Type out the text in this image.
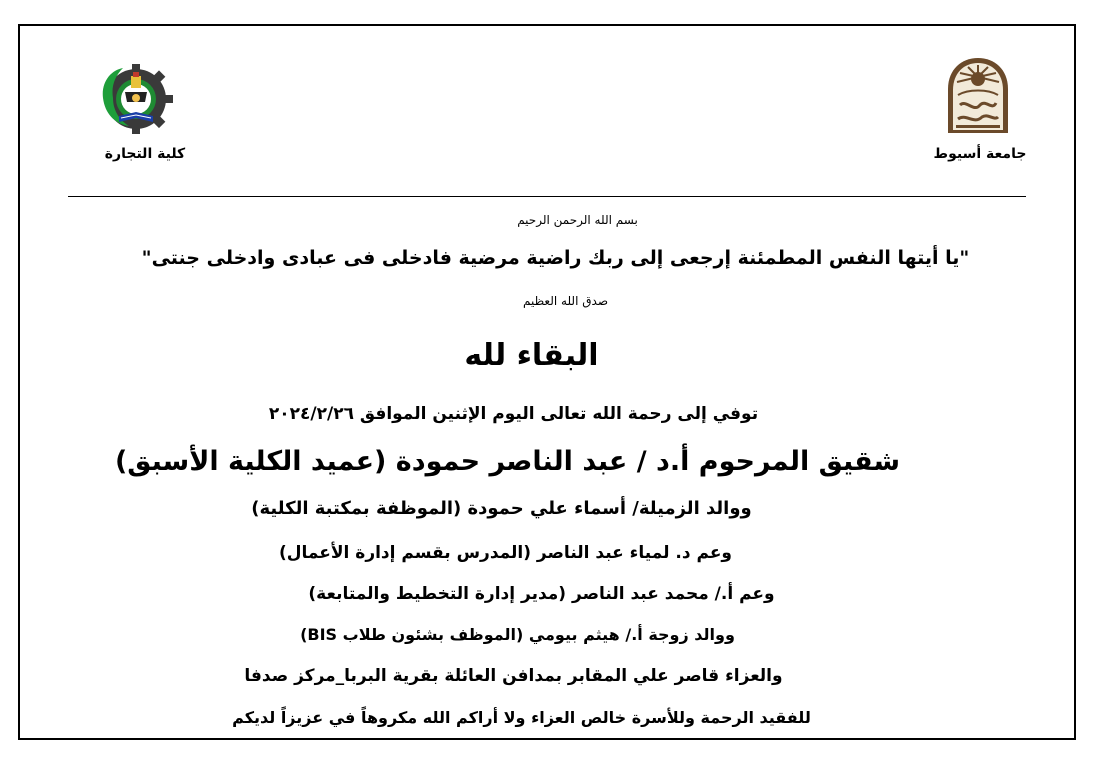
كلية التجارة	جامعة أسيوط
بسم الله الرحمن الرحيم
"يا أيتها النفس المطمئنة إرجعى إلى ربك راضية مرضية فادخلى فى عبادى وادخلى جنتى"
صدق الله العظيم
البقاء لله
توفي إلى رحمة الله تعالى اليوم الإثنين الموافق ٢٠٢٤/٢/٢٦
شقيق المرحوم أ.د / عبد الناصر حمودة (عميد الكلية الأسبق)
ووالد الزميلة/ أسماء علي حمودة (الموظفة بمكتبة الكلية)
وعم د. لمياء عبد الناصر (المدرس بقسم إدارة الأعمال)
وعم أ./ محمد عبد الناصر (مدير إدارة التخطيط والمتابعة)
ووالد زوجة أ./ هيثم بيومي (الموظف بشئون طلاب BIS)
والعزاء قاصر علي المقابر بمدافن العائلة بقرية البربا_مركز صدفا
للفقيد الرحمة وللأسرة خالص العزاء ولا أراكم الله مكروهاً في عزيزاً لديكم
